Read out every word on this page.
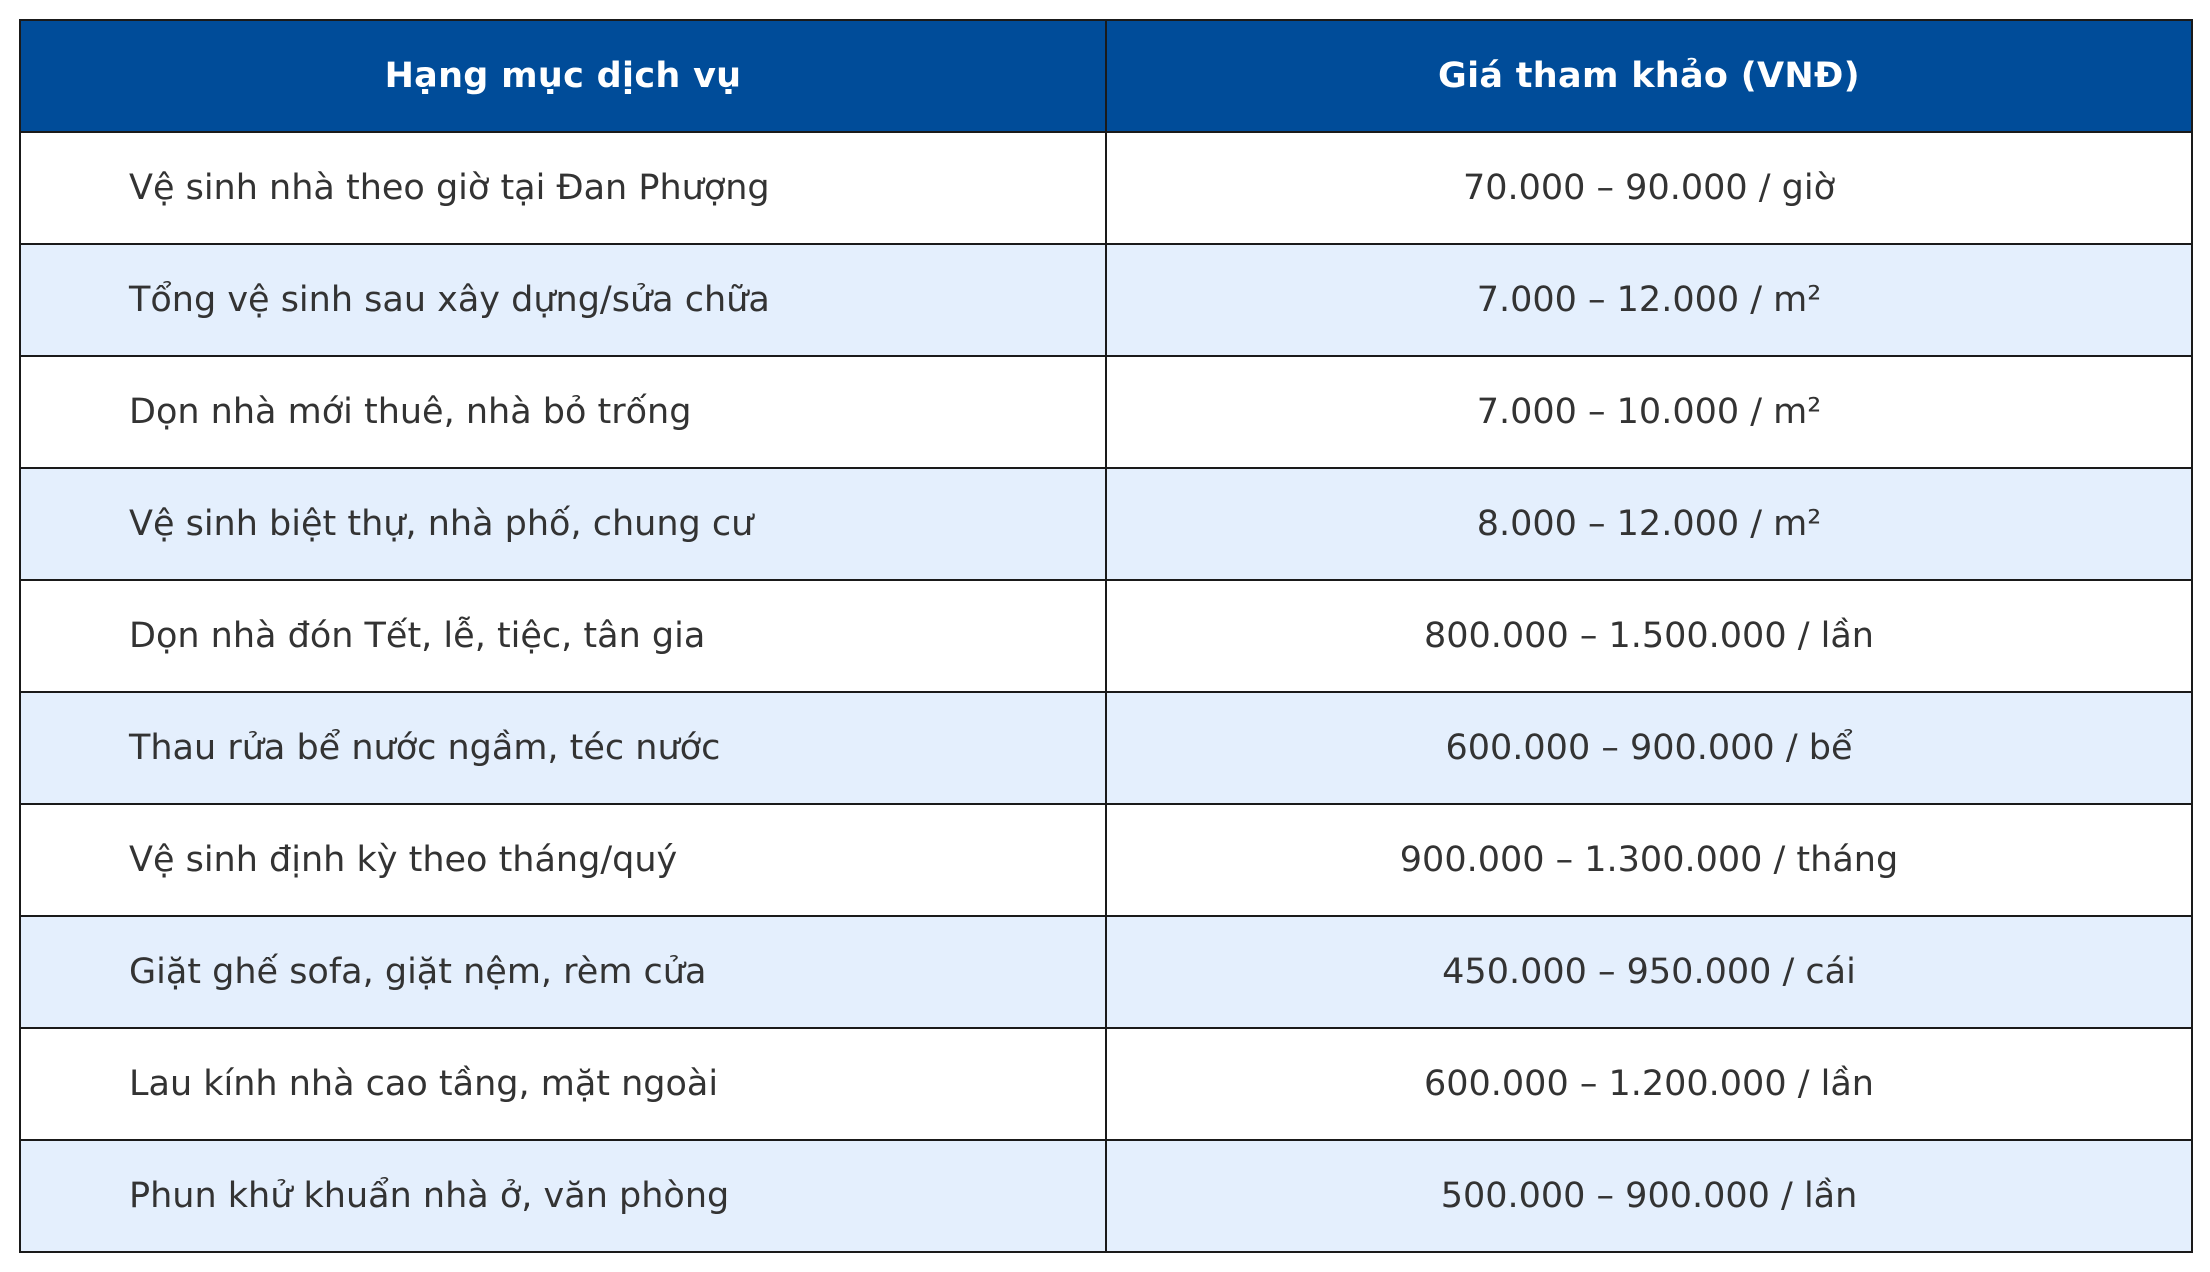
Hạng mục dịch vụ	Giá tham khảo (VNĐ)
Vệ sinh nhà theo giờ tại Đan Phượng	70.000 – 90.000 / giờ
Tổng vệ sinh sau xây dựng/sửa chữa	7.000 – 12.000 / m²
Dọn nhà mới thuê, nhà bỏ trống	7.000 – 10.000 / m²
Vệ sinh biệt thự, nhà phố, chung cư	8.000 – 12.000 / m²
Dọn nhà đón Tết, lễ, tiệc, tân gia	800.000 – 1.500.000 / lần
Thau rửa bể nước ngầm, téc nước	600.000 – 900.000 / bể
Vệ sinh định kỳ theo tháng/quý	900.000 – 1.300.000 / tháng
Giặt ghế sofa, giặt nệm, rèm cửa	450.000 – 950.000 / cái
Lau kính nhà cao tầng, mặt ngoài	600.000 – 1.200.000 / lần
Phun khử khuẩn nhà ở, văn phòng	500.000 – 900.000 / lần
